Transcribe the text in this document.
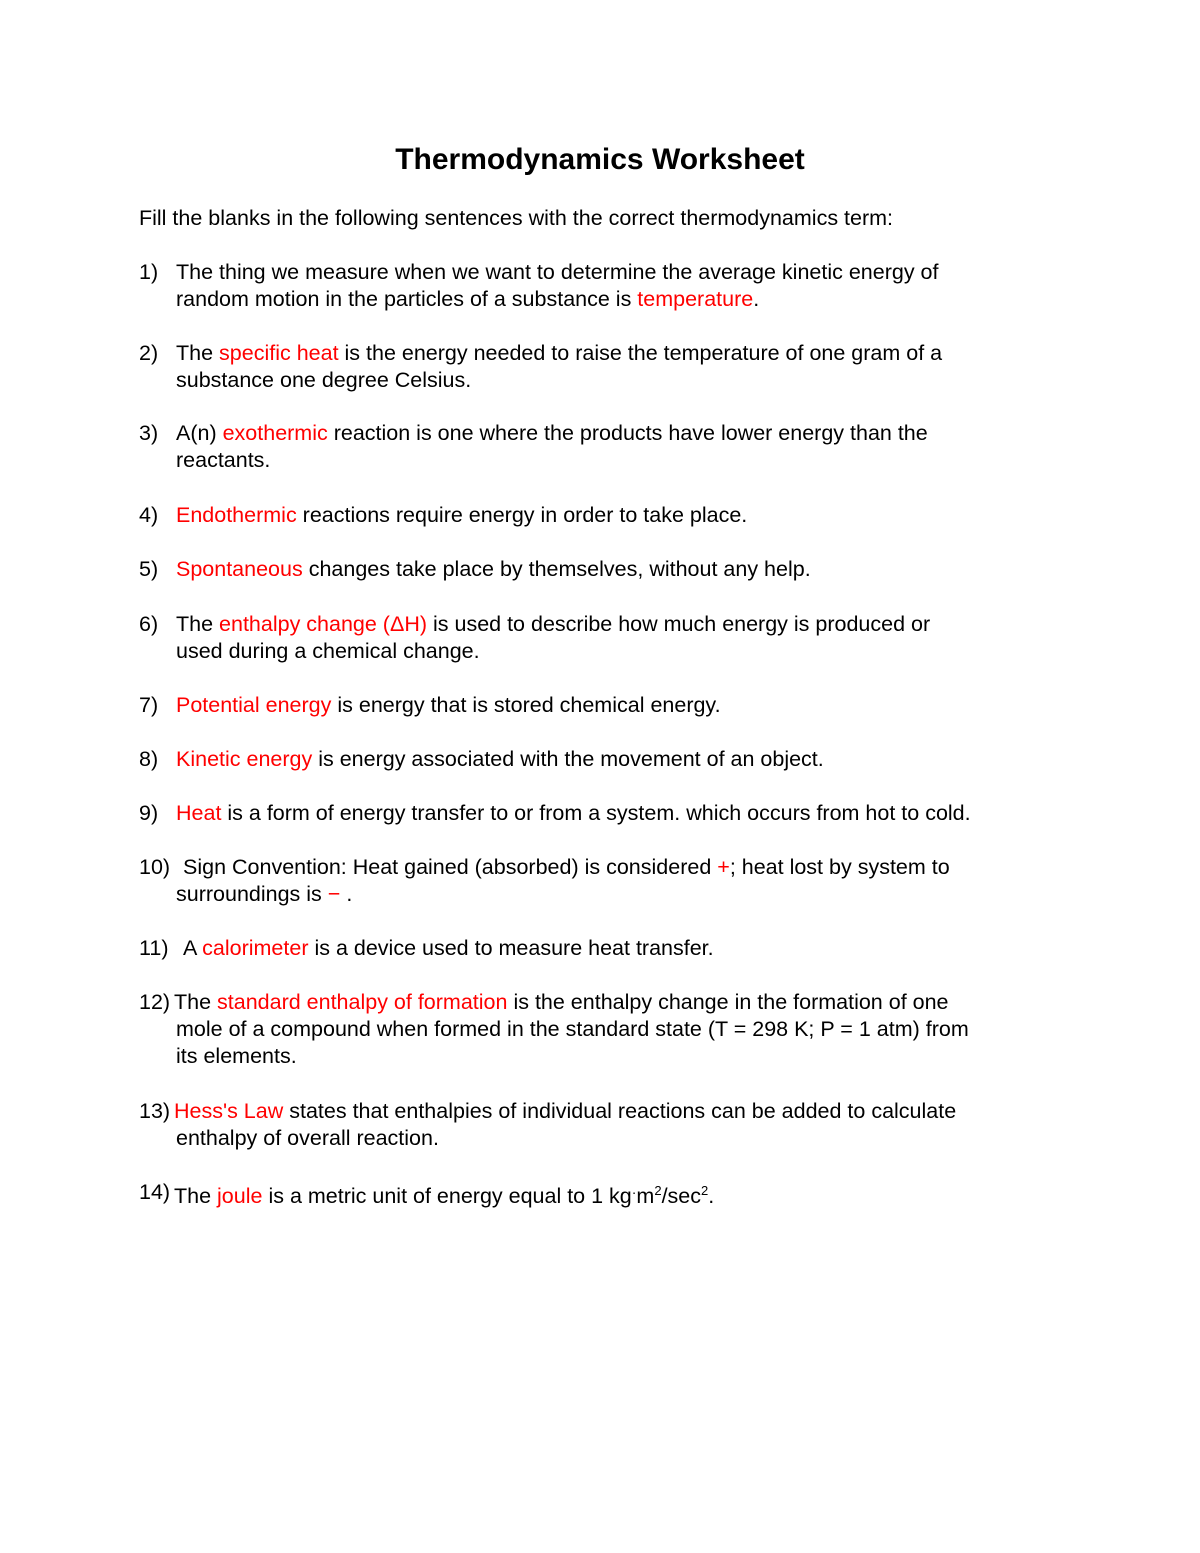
Thermodynamics Worksheet

Fill the blanks in the following sentences with the correct thermodynamics term:

1) The thing we measure when we want to determine the average kinetic energy of
random motion in the particles of a substance is temperature.
2) The specific heat is the energy needed to raise the temperature of one gram of a
substance one degree Celsius.
3) A(n) exothermic reaction is one where the products have lower energy than the
reactants.
4) Endothermic reactions require energy in order to take place.
5) Spontaneous changes take place by themselves, without any help.
6) The enthalpy change (ΔH) is used to describe how much energy is produced or
used during a chemical change.
7) Potential energy is energy that is stored chemical energy.
8) Kinetic energy is energy associated with the movement of an object.
9) Heat is a form of energy transfer to or from a system. which occurs from hot to cold.
10) Sign Convention: Heat gained (absorbed) is considered +; heat lost by system to
surroundings is − .
11) A calorimeter is a device used to measure heat transfer.
12) The standard enthalpy of formation is the enthalpy change in the formation of one
mole of a compound when formed in the standard state (T = 298 K; P = 1 atm) from
its elements.
13) Hess's Law states that enthalpies of individual reactions can be added to calculate
enthalpy of overall reaction.
14) The joule is a metric unit of energy equal to 1 $kg^\cdot m^2/\sec^2$.
